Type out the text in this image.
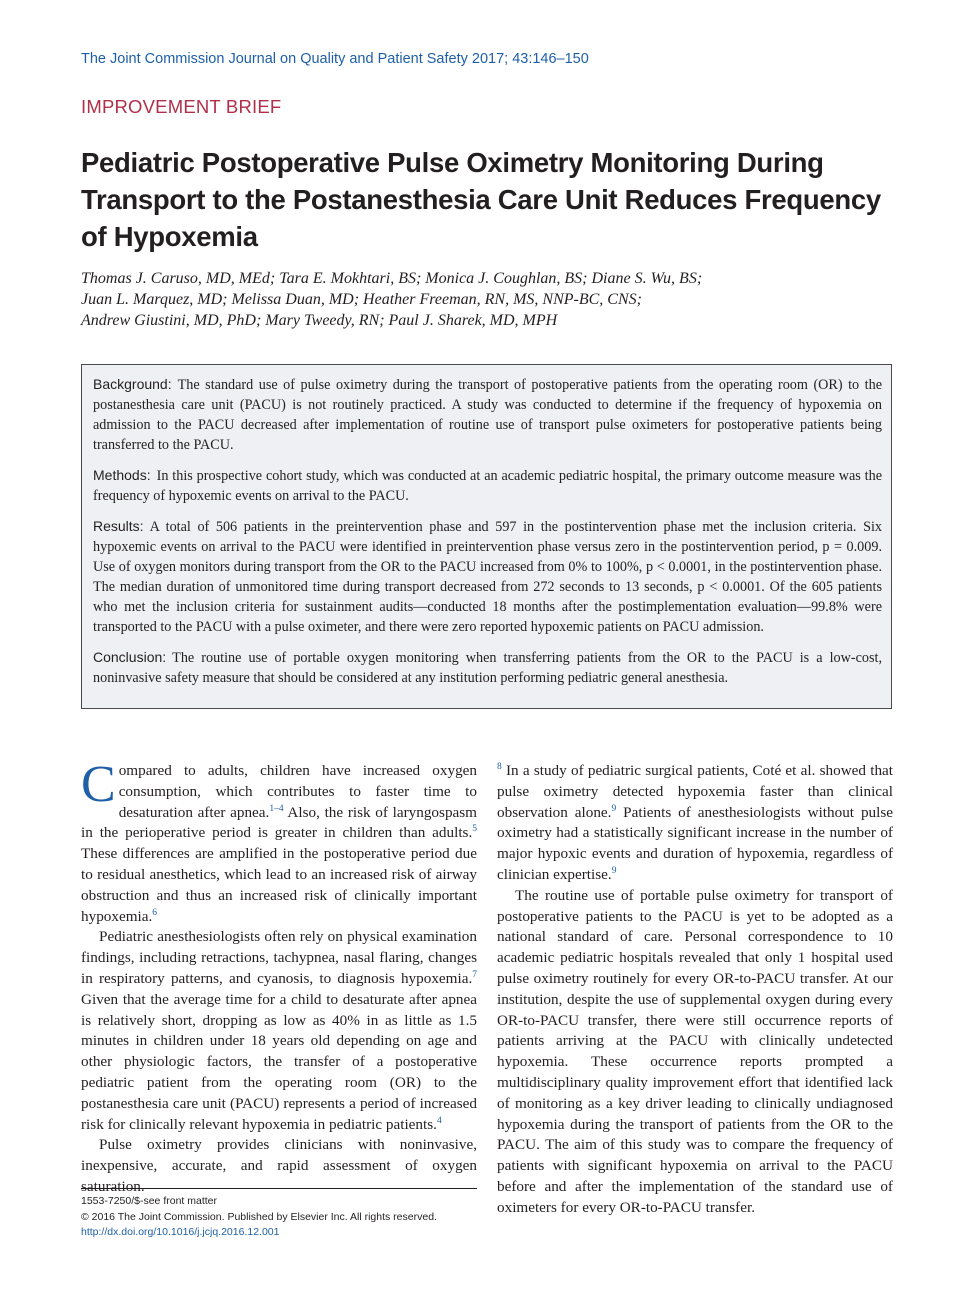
The Joint Commission Journal on Quality and Patient Safety 2017; 43:146–150
IMPROVEMENT BRIEF
Pediatric Postoperative Pulse Oximetry Monitoring During Transport to the Postanesthesia Care Unit Reduces Frequency of Hypoxemia
Thomas J. Caruso, MD, MEd; Tara E. Mokhtari, BS; Monica J. Coughlan, BS; Diane S. Wu, BS;
Juan L. Marquez, MD; Melissa Duan, MD; Heather Freeman, RN, MS, NNP-BC, CNS;
Andrew Giustini, MD, PhD; Mary Tweedy, RN; Paul J. Sharek, MD, MPH

Background: The standard use of pulse oximetry during the transport of postoperative patients from the operating room (OR) to the postanesthesia care unit (PACU) is not routinely practiced. A study was conducted to determine if the frequency of hypoxemia on admission to the PACU decreased after implementation of routine use of transport pulse oximeters for postoperative patients being transferred to the PACU.

Methods: In this prospective cohort study, which was conducted at an academic pediatric hospital, the primary outcome measure was the frequency of hypoxemic events on arrival to the PACU.

Results: A total of 506 patients in the preintervention phase and 597 in the postintervention phase met the inclusion criteria. Six hypoxemic events on arrival to the PACU were identified in preintervention phase versus zero in the postintervention period, p = 0.009. Use of oxygen monitors during transport from the OR to the PACU increased from 0% to 100%, p < 0.0001, in the postintervention phase. The median duration of unmonitored time during transport decreased from 272 seconds to 13 seconds, p < 0.0001. Of the 605 patients who met the inclusion criteria for sustainment audits—conducted 18 months after the postimplementation evaluation—99.8% were transported to the PACU with a pulse oximeter, and there were zero reported hypoxemic patients on PACU admission.

Conclusion: The routine use of portable oxygen monitoring when transferring patients from the OR to the PACU is a low-cost, noninvasive safety measure that should be considered at any institution performing pediatric general anesthesia.

Compared to adults, children have increased oxygen consumption, which contributes to faster time to desaturation after apnea.$^{1-4}$ Also, the risk of laryngospasm in the perioperative period is greater in children than adults.$^5$ These differences are amplified in the postoperative period due to residual anesthetics, which lead to an increased risk of airway obstruction and thus an increased risk of clinically important hypoxemia.$^6$

Pediatric anesthesiologists often rely on physical examination findings, including retractions, tachypnea, nasal flaring, changes in respiratory patterns, and cyanosis, to diagnosis hypoxemia.$^7$ Given that the average time for a child to desaturate after apnea is relatively short, dropping as low as 40% in as little as 1.5 minutes in children under 18 years old depending on age and other physiologic factors, the transfer of a postoperative pediatric patient from the operating room (OR) to the postanesthesia care unit (PACU) represents a period of increased risk for clinically relevant hypoxemia in pediatric patients.$^4$

Pulse oximetry provides clinicians with noninvasive, inexpensive, accurate, and rapid assessment of oxygen saturation.

$^8$ In a study of pediatric surgical patients, Coté et al. showed that pulse oximetry detected hypoxemia faster than clinical observation alone.$^9$ Patients of anesthesiologists without pulse oximetry had a statistically significant increase in the number of major hypoxic events and duration of hypoxemia, regardless of clinician expertise.$^9$

The routine use of portable pulse oximetry for transport of postoperative patients to the PACU is yet to be adopted as a national standard of care. Personal correspondence to 10 academic pediatric hospitals revealed that only 1 hospital used pulse oximetry routinely for every OR-to-PACU transfer. At our institution, despite the use of supplemental oxygen during every OR-to-PACU transfer, there were still occurrence reports of patients arriving at the PACU with clinically undetected hypoxemia. These occurrence reports prompted a multidisciplinary quality improvement effort that identified lack of monitoring as a key driver leading to clinically undiagnosed hypoxemia during the transport of patients from the OR to the PACU. The aim of this study was to compare the frequency of patients with significant hypoxemia on arrival to the PACU before and after the implementation of the standard use of oximeters for every OR-to-PACU transfer.

1553-7250/$-see front matter
© 2016 The Joint Commission. Published by Elsevier Inc. All rights reserved.
http://dx.doi.org/10.1016/j.jcjq.2016.12.001
